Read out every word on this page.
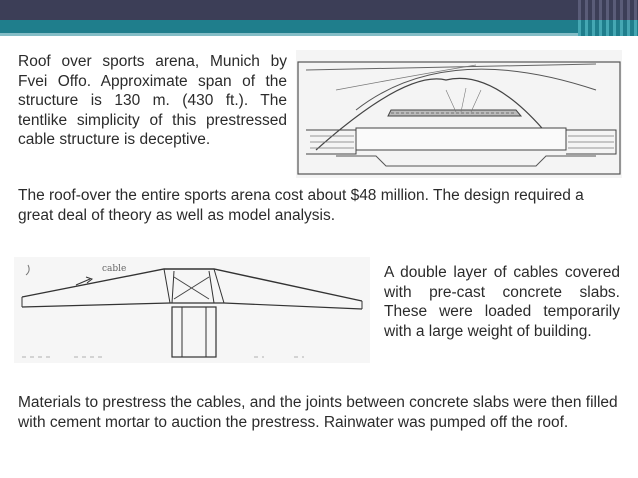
Roof over sports arena, Munich by Fvei Offo. Approximate span of the structure is 130 m. (430 ft.). The tentlike simplicity of this prestressed cable structure is deceptive.

The roof-over the entire sports arena cost about $48 million. The design required a great deal of theory as well as model analysis.

cable	A double layer of cables covered with pre-cast concrete slabs. These were loaded temporarily with a large weight of building.

Materials to prestress the cables, and the joints between concrete slabs were then filled with cement mortar to auction the prestress. Rainwater was pumped off the roof.
